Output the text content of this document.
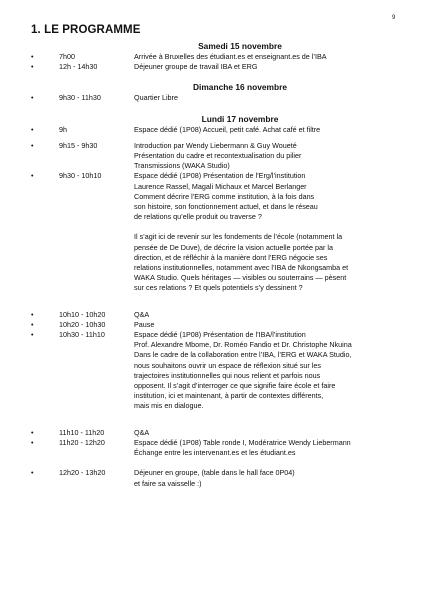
9
1. LE PROGRAMME
Samedi 15 novembre
•	7h00	Arrivée à Bruxelles des étudiant.es et enseignant.es de l’IBA
•	12h - 14h30	Déjeuner groupe de travail IBA et ERG
Dimanche 16 novembre
•	9h30 - 11h30	Quartier Libre
Lundi 17 novembre
•	9h	Espace dédié (1P08) Accueil, petit café. Achat café et filtre
•	9h15 - 9h30	Introduction par Wendy Liebermann & Guy Woueté
Présentation du cadre et recontextualisation du pilier
Transmissions (WAKA Studio)
•	9h30 - 10h10	Espace dédié (1P08) Présentation de l’Erg/l’institution
Laurence Rassel, Magali Michaux et Marcel Berlanger
Comment décrire l’ERG comme institution, à la fois dans
son histoire, son fonctionnement actuel, et dans le réseau
de relations qu’elle produit ou traverse ?
Il s’agit ici de revenir sur les fondements de l’école (notamment la
pensée de De Duve), de décrire la vision actuelle portée par la
direction, et de réfléchir à la manière dont l’ERG négocie ses
relations institutionnelles, notamment avec l’IBA de Nkongsamba et
WAKA Studio. Quels héritages — visibles ou souterrains — pèsent
sur ces relations ? Et quels potentiels s’y dessinent ?
•	10h10 - 10h20	Q&A
•	10h20 - 10h30	Pause
•	10h30 - 11h10	Espace dédié (1P08) Présentation de l’IBA/l’institution
Prof. Alexandre Mbome, Dr. Roméo Fandio et Dr. Christophe Nkuina
Dans le cadre de la collaboration entre l’IBA, l’ERG et WAKA Studio,
nous souhaitons ouvrir un espace de réflexion situé sur les
trajectoires institutionnelles qui nous relient et parfois nous
opposent. Il s’agit d’interroger ce que signifie faire école et faire
institution, ici et maintenant, à partir de contextes différents,
mais mis en dialogue.
•	11h10 - 11h20	Q&A
•	11h20 - 12h20	Espace dédié (1P08) Table ronde I, Modératrice Wendy Liebermann
Échange entre les intervenant.es et les étudiant.es
•	12h20 - 13h20	Déjeuner en groupe, (table dans le hall face 0P04)
et faire sa vaisselle :)
